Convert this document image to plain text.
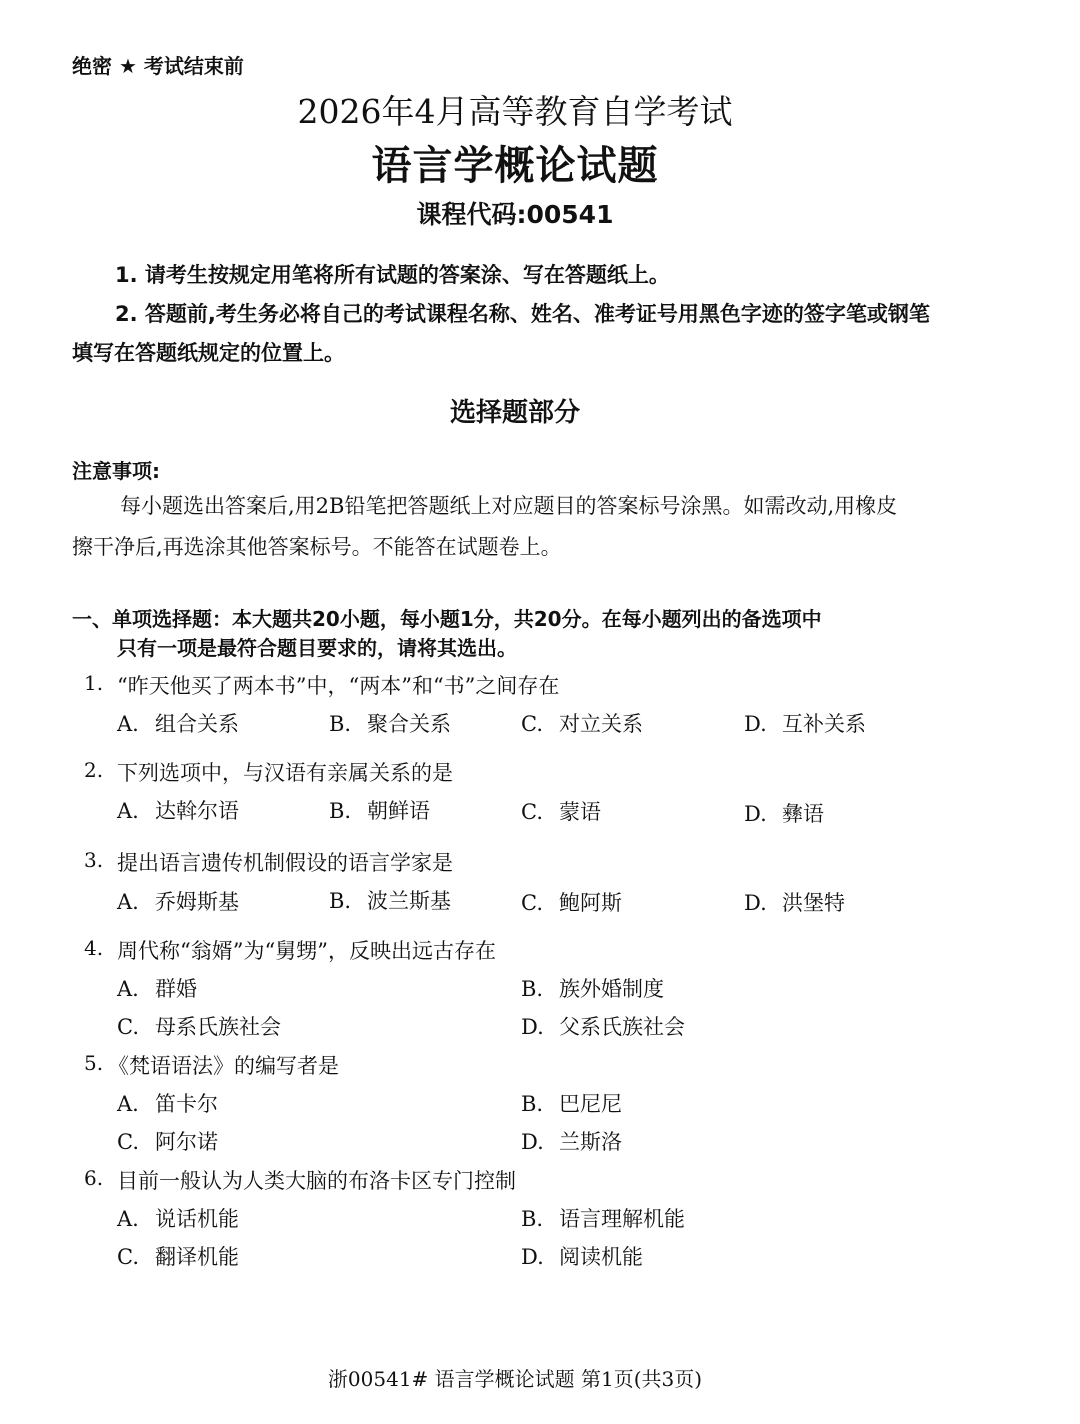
绝密 ★ 考试结束前
2026年4月高等教育自学考试
语言学概论试题
课程代码:00541
1. 请考生按规定用笔将所有试题的答案涂、写在答题纸上。
2. 答题前,考生务必将自己的考试课程名称、姓名、准考证号用黑色字迹的签字笔或钢笔
填写在答题纸规定的位置上。
选择题部分
注意事项:
每小题选出答案后,用2B铅笔把答题纸上对应题目的答案标号涂黑。如需改动,用橡皮
擦干净后,再选涂其他答案标号。不能答在试题卷上。
一、单项选择题：本大题共20小题，每小题1分，共20分。在每小题列出的备选项中
只有一项是最符合题目要求的，请将其选出。
1. “昨天他买了两本书”中，“两本”和“书”之间存在
A. 组合关系	B. 聚合关系	C. 对立关系	D. 互补关系
2. 下列选项中，与汉语有亲属关系的是
A. 达斡尔语	B. 朝鲜语	C. 蒙语	D. 彝语
3. 提出语言遗传机制假设的语言学家是
A. 乔姆斯基	B. 波兰斯基	C. 鲍阿斯	D. 洪堡特
4. 周代称“翁婿”为“舅甥”，反映出远古存在
A. 群婚	B. 族外婚制度
C. 母系氏族社会	D. 父系氏族社会
5. 《梵语语法》的编写者是
A. 笛卡尔	B. 巴尼尼
C. 阿尔诺	D. 兰斯洛
6. 目前一般认为人类大脑的布洛卡区专门控制
A. 说话机能	B. 语言理解机能
C. 翻译机能	D. 阅读机能
浙00541# 语言学概论试题 第1页(共3页)
